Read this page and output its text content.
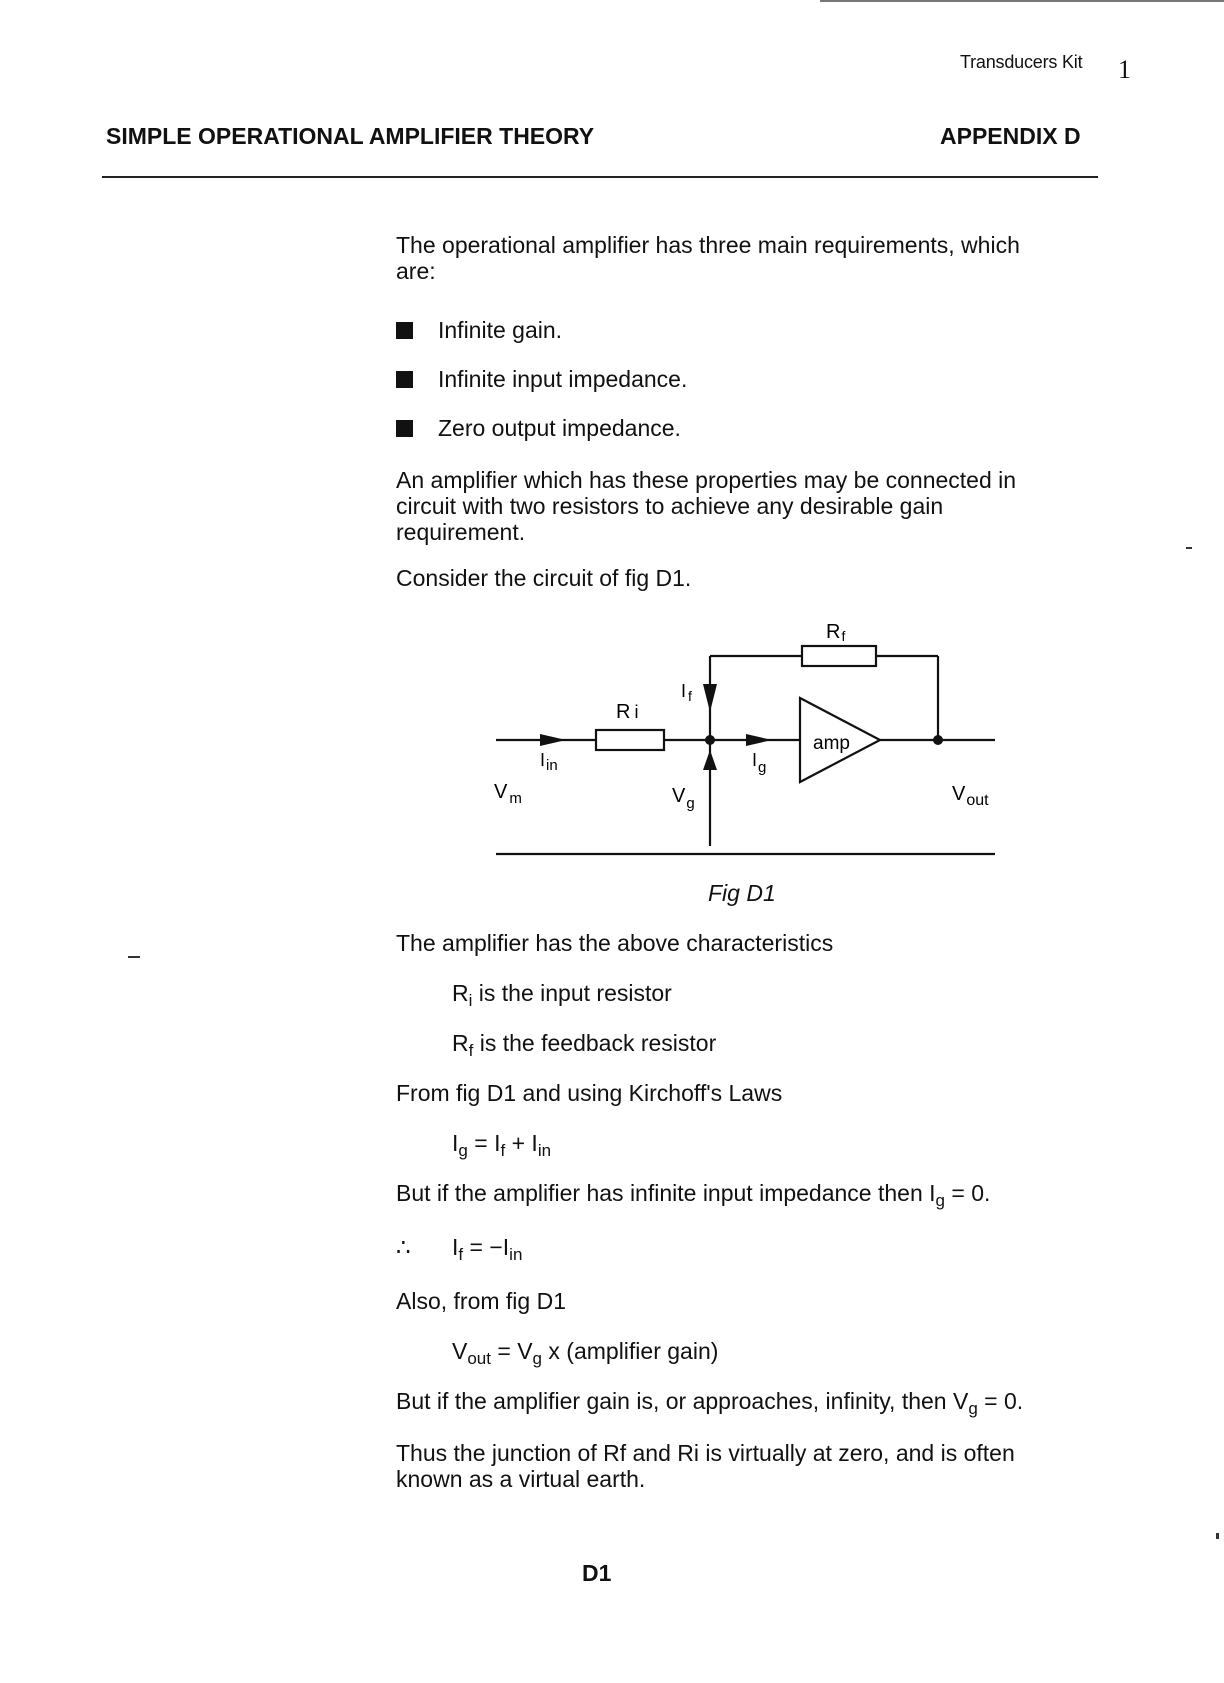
Transducers Kit 1
SIMPLE OPERATIONAL AMPLIFIER THEORY	APPENDIX D
The operational amplifier has three main requirements, which
are:
Infinite gain.
Infinite input impedance.
Zero output impedance.
An amplifier which has these properties may be connected in
circuit with two resistors to achieve any desirable gain
requirement.
Consider the circuit of fig D1.
Rf
R i
I $_f$
$I_{in}$	$I_g$
V $_m$	$V_g$	$V_{out}$
amp
Fig D1
The amplifier has the above characteristics
$R_i$ is the input resistor
$R_f$ is the feedback resistor
From fig D1 and using Kirchoff's Laws
$I_g = I_f + I_{in}$
But if the amplifier has infinite input impedance then $I_g = 0$.
∴ $I_f = -I_{in}$
Also, from fig D1
$V_{out} = V_g$ x (amplifier gain)
But if the amplifier gain is, or approaches, infinity, then $V_g = 0$.
Thus the junction of Rf and Ri is virtually at zero, and is often
known as a virtual earth.
D1
